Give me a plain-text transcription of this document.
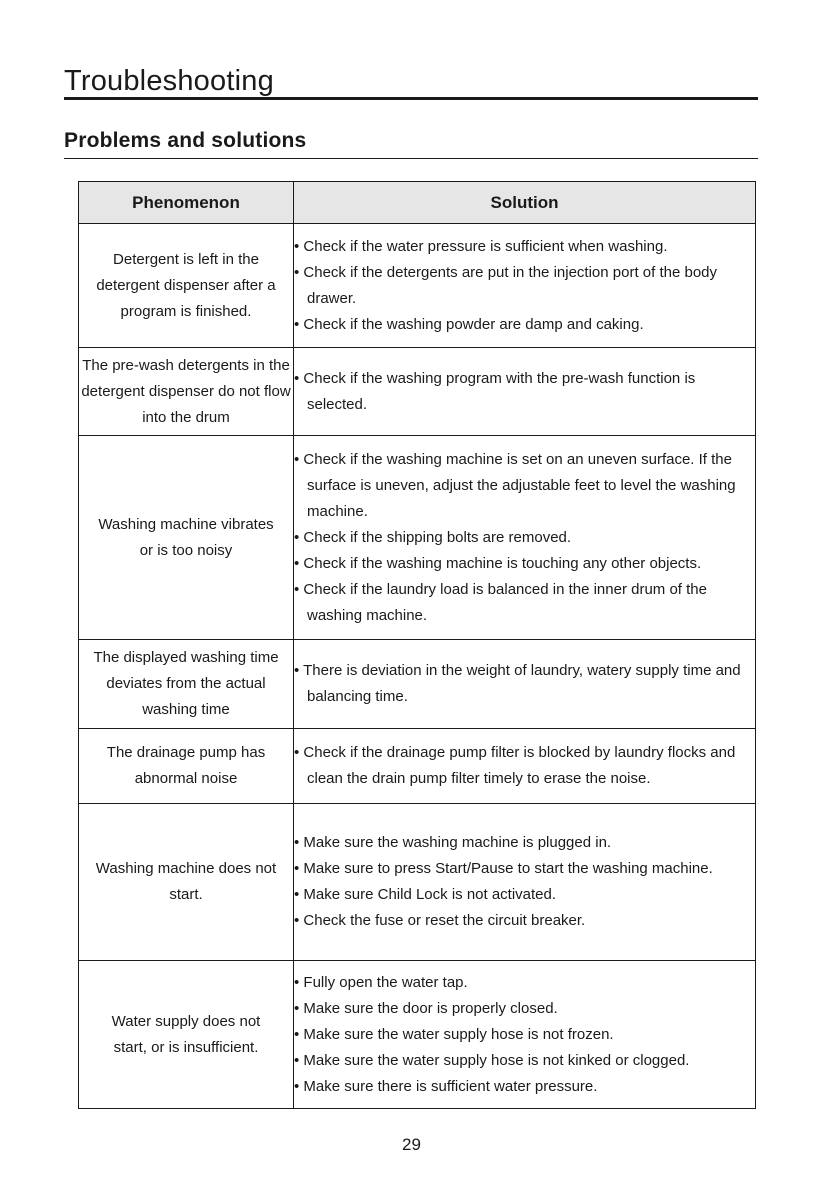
Troubleshooting
Problems and solutions
Phenomenon	Solution

Detergent is left in the detergent dispenser after a program is finished.	• Check if the water pressure is sufficient when washing.

• Check if the detergents are put in the injection port of the body drawer.

• Check if the washing powder are damp and caking.

The pre-wash detergents in the detergent dispenser do not flow into the drum	• Check if the washing program with the pre-wash function is selected.

Washing machine vibrates or is too noisy	• Check if the washing machine is set on an uneven surface. If the surface is uneven, adjust the adjustable feet to level the washing machine.

• Check if the shipping bolts are removed.

• Check if the washing machine is touching any other objects.

• Check if the laundry load is balanced in the inner drum of the washing machine.

The displayed washing time deviates from the actual washing time	• There is deviation in the weight of laundry, watery supply time and balancing time.

The drainage pump has abnormal noise	• Check if the drainage pump filter is blocked by laundry flocks and clean the drain pump filter timely to erase the noise.

Washing machine does not start.	• Make sure the washing machine is plugged in.

• Make sure to press Start/Pause to start the washing machine.

• Make sure Child Lock is not activated.

• Check the fuse or reset the circuit breaker.

Water supply does not start, or is insufficient.	• Fully open the water tap.

• Make sure the door is properly closed.

• Make sure the water supply hose is not frozen.

• Make sure the water supply hose is not kinked or clogged.

• Make sure there is sufficient water pressure.

29
